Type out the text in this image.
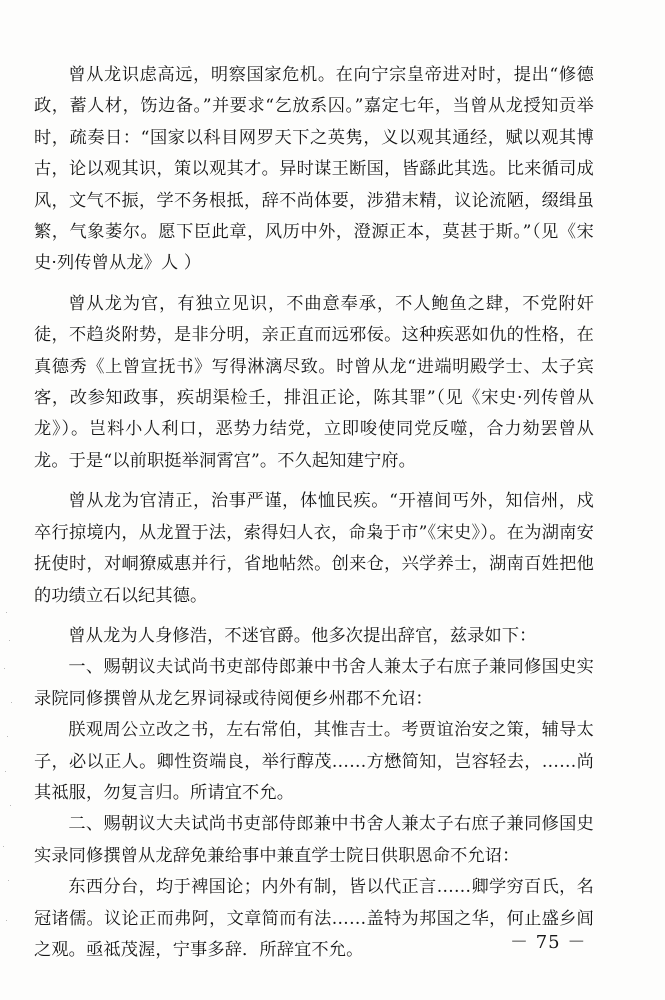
曾从龙识虑高远，明察国家危机。在向宁宗皇帝进对时，提出“修德政，蓄人材，饬边备。”并要求“乞放系囚。”嘉定七年，当曾从龙授知贡举时，疏奏日：“国家以科目网罗天下之英隽，义以观其通经，赋以观其博古，论以观其识，策以观其才。异时谋王断国，皆繇此其选。比来循司成风，文气不振，学不务根抵，辞不尚体要，涉猎末精，议论流陋，缀缉虽繁，气象萎尔。愿下臣此章，风历中外，澄源正本，莫甚于斯。”（见《宋史·列传曾从龙》人 ）

曾从龙为官，有独立见识，不曲意奉承，不人鲍鱼之肆，不党附奸徒，不趋炎附势，是非分明，亲正直而远邪佞。这种疾恶如仇的性格，在真德秀《上曾宣抚书》写得淋漓尽致。时曾从龙“进端明殿学士、太子宾客，改参知政事，疾胡渠检壬，排沮正论，陈其罪”（见《宋史·列传曾从龙》）。岂料小人利口，恶势力结党，立即唆使同党反噬，合力劾罢曾从龙。于是“以前职挺举洞霄宫”。不久起知建宁府。

曾从龙为官清正，治事严谨，体恤民疾。“开禧间丐外，知信州，戍卒行掠境内，从龙置于法，索得妇人衣，命枭于市”《宋史》）。在为湖南安抚使时，对峒獠威惠并行，省地帖然。创来仓，兴学养士，湖南百姓把他的功绩立石以纪其德。

曾从龙为人身修浩，不迷官爵。他多次提出辞官，兹录如下：

一、赐朝议夫试尚书吏部侍郎兼中书舍人兼太子右庶子兼同修国史实录院同修撰曾从龙乞界词禄或待阅便乡州郡不允诏：

朕观周公立改之书，左右常伯，其惟吉士。考贾谊治安之策，辅导太子，必以正人。卿性资端良，举行醇茂……方懋简知，岂容轻去，……尚其祗服，勿复言归。所请宜不允。

二、赐朝议大夫试尚书吏部侍郎兼中书舍人兼太子右庶子兼同修国史实录同修撰曾从龙辞免兼给事中兼直学士院日供职恩命不允诏：

东西分台，均于裨国论；内外有制，皆以代正言……卿学穷百氏，名冠诸儒。议论正而弗阿，文章简而有法……盖特为邦国之华，何止盛乡闾之观。亟祗茂渥，宁事多辞．所辞宜不允。	－ 75 －
